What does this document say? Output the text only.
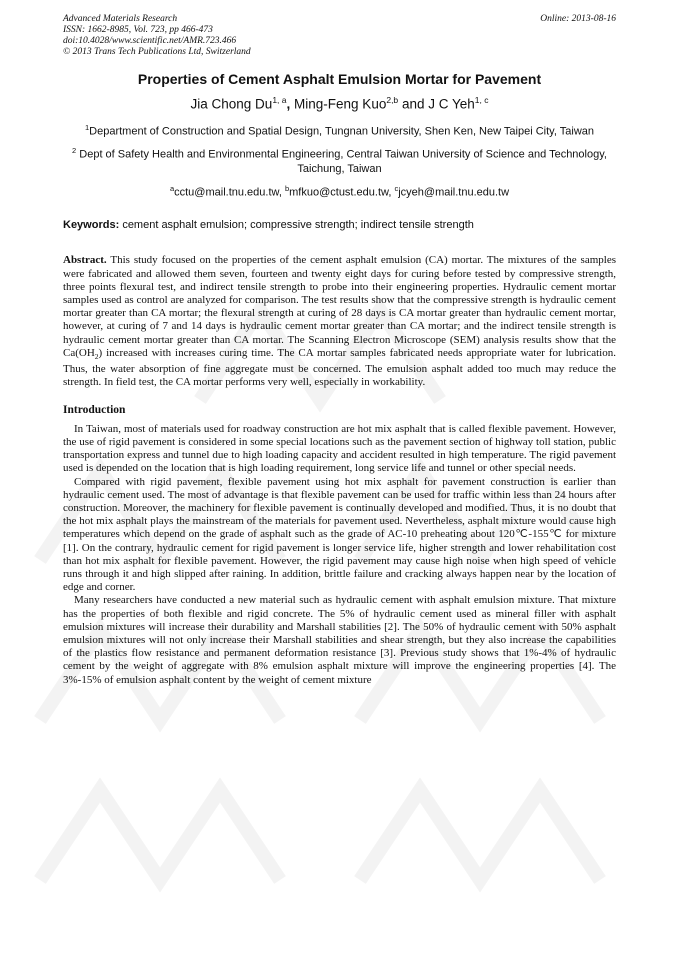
Advanced Materials Research
ISSN: 1662-8985, Vol. 723, pp 466-473
doi:10.4028/www.scientific.net/AMR.723.466
© 2013 Trans Tech Publications Ltd, Switzerland
Online: 2013-08-16
Properties of Cement Asphalt Emulsion Mortar for Pavement
Jia Chong Du$^{1, a}$, Ming-Feng Kuo$^{2,b}$ and J C Yeh$^{1, c}$
$^1$Department of Construction and Spatial Design, Tungnan University, Shen Ken, New Taipei City, Taiwan
$^2$ Dept of Safety Health and Environmental Engineering, Central Taiwan University of Science and Technology, Taichung, Taiwan
$^a$cctu@mail.tnu.edu.tw, $^b$mfkuo@ctust.edu.tw, $^c$jcyeh@mail.tnu.edu.tw
Keywords: cement asphalt emulsion; compressive strength; indirect tensile strength
Abstract. This study focused on the properties of the cement asphalt emulsion (CA) mortar. The mixtures of the samples were fabricated and allowed them seven, fourteen and twenty eight days for curing before tested by compressive strength, three points flexural test, and indirect tensile strength to probe into their engineering properties. Hydraulic cement mortar samples used as control are analyzed for comparison. The test results show that the compressive strength is hydraulic cement mortar greater than CA mortar; the flexural strength at curing of 28 days is CA mortar greater than hydraulic cement mortar, however, at curing of 7 and 14 days is hydraulic cement mortar greater than CA mortar; and the indirect tensile strength is hydraulic cement mortar greater than CA mortar. The Scanning Electron Microscope (SEM) analysis results show that the $Ca(OH_2)$ increased with increases curing time. The CA mortar samples fabricated needs appropriate water for lubrication. Thus, the water absorption of fine aggregate must be concerned. The emulsion asphalt added too much may reduce the strength. In field test, the CA mortar performs very well, especially in workability.
Introduction
In Taiwan, most of materials used for roadway construction are hot mix asphalt that is called flexible pavement. However, the use of rigid pavement is considered in some special locations such as the pavement section of highway toll station, public transportation express and tunnel due to high loading capacity and accident resulted in high temperature. The rigid pavement used is depended on the location that is high loading requirement, long service life and tunnel or other special needs.
Compared with rigid pavement, flexible pavement using hot mix asphalt for pavement construction is earlier than hydraulic cement used. The most of advantage is that flexible pavement can be used for traffic within less than 24 hours after construction. Moreover, the machinery for flexible pavement is continually developed and modified. Thus, it is no doubt that the hot mix asphalt plays the mainstream of the materials for pavement used. Nevertheless, asphalt mixture would cause high temperatures which depend on the grade of asphalt such as the grade of AC-10 preheating about 120℃-155℃ for mixture [1]. On the contrary, hydraulic cement for rigid pavement is longer service life, higher strength and lower rehabilitation cost than hot mix asphalt for flexible pavement. However, the rigid pavement may cause high noise when high speed of vehicle runs through it and high slipped after raining. In addition, brittle failure and cracking always happen near by the location of edge and corner.
Many researchers have conducted a new material such as hydraulic cement with asphalt emulsion mixture. That mixture has the properties of both flexible and rigid concrete. The 5% of hydraulic cement used as mineral filler with asphalt emulsion mixtures will increase their durability and Marshall stabilities [2]. The 50% of hydraulic cement with 50% asphalt emulsion mixtures will not only increase their Marshall stabilities and shear strength, but they also increase the capabilities of the plastics flow resistance and permanent deformation resistance [3]. Previous study shows that 1%-4% of hydraulic cement by the weight of aggregate with 8% emulsion asphalt mixture will improve the engineering properties [4]. The 3%-15% of emulsion asphalt content by the weight of cement mixture
